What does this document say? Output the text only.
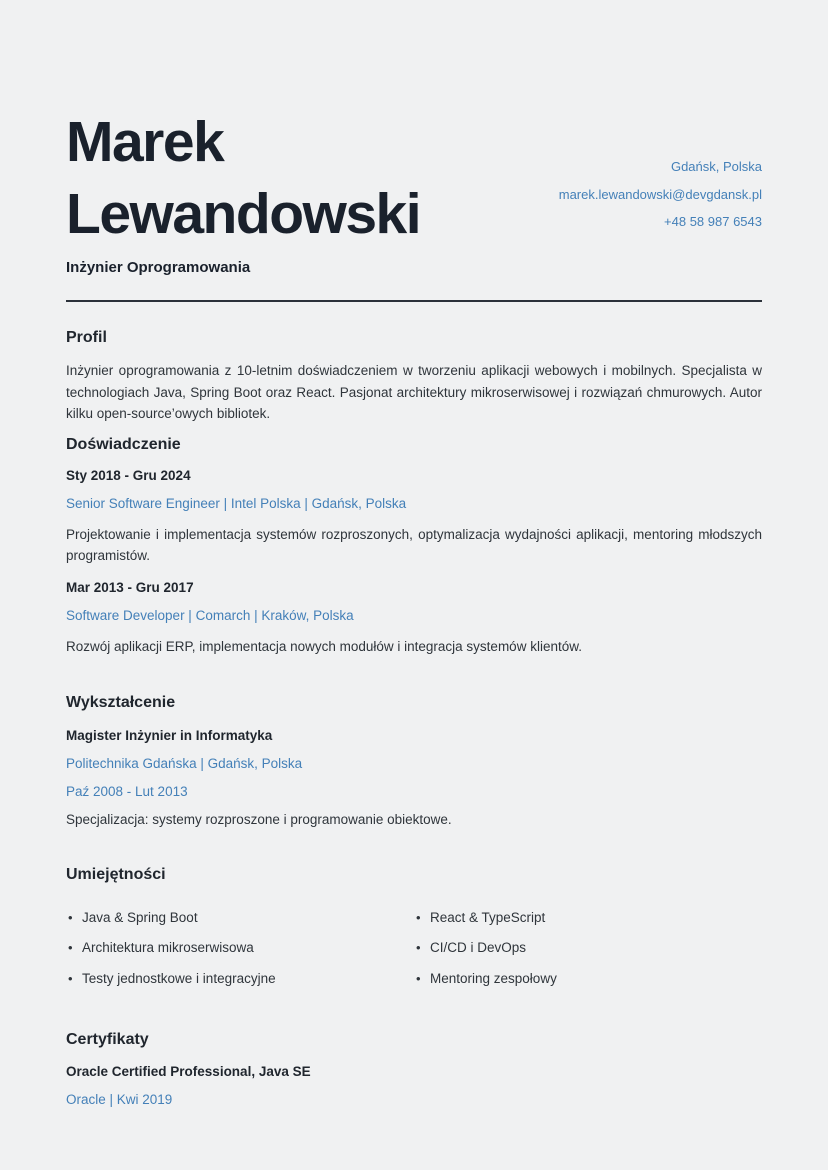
Marek
Lewandowski
Inżynier Oprogramowania
Gdańsk, Polska
marek.lewandowski@devgdansk.pl
+48 58 987 6543
Profil

Inżynier oprogramowania z 10-letnim doświadczeniem w tworzeniu aplikacji webowych i mobilnych. Specjalista w technologiach Java, Spring Boot oraz React. Pasjonat architektury mikroserwisowej i rozwiązań chmurowych. Autor kilku open-source’owych bibliotek.

Doświadczenie
Sty 2018 - Gru 2024
Senior Software Engineer | Intel Polska | Gdańsk, Polska

Projektowanie i implementacja systemów rozproszonych, optymalizacja wydajności aplikacji, mentoring młodszych programistów.

Mar 2013 - Gru 2017
Software Developer | Comarch | Kraków, Polska

Rozwój aplikacji ERP, implementacja nowych modułów i integracja systemów klientów.

Wykształcenie
Magister Inżynier in Informatyka
Politechnika Gdańska | Gdańsk, Polska
Paź 2008 - Lut 2013
Specjalizacja: systemy rozproszone i programowanie obiektowe.
Umiejętności
•
Java & Spring Boot
•
Architektura mikroserwisowa
•
Testy jednostkowe i integracyjne
•
React & TypeScript
•
CI/CD i DevOps
•
Mentoring zespołowy
Certyfikaty
Oracle Certified Professional, Java SE
Oracle | Kwi 2019
